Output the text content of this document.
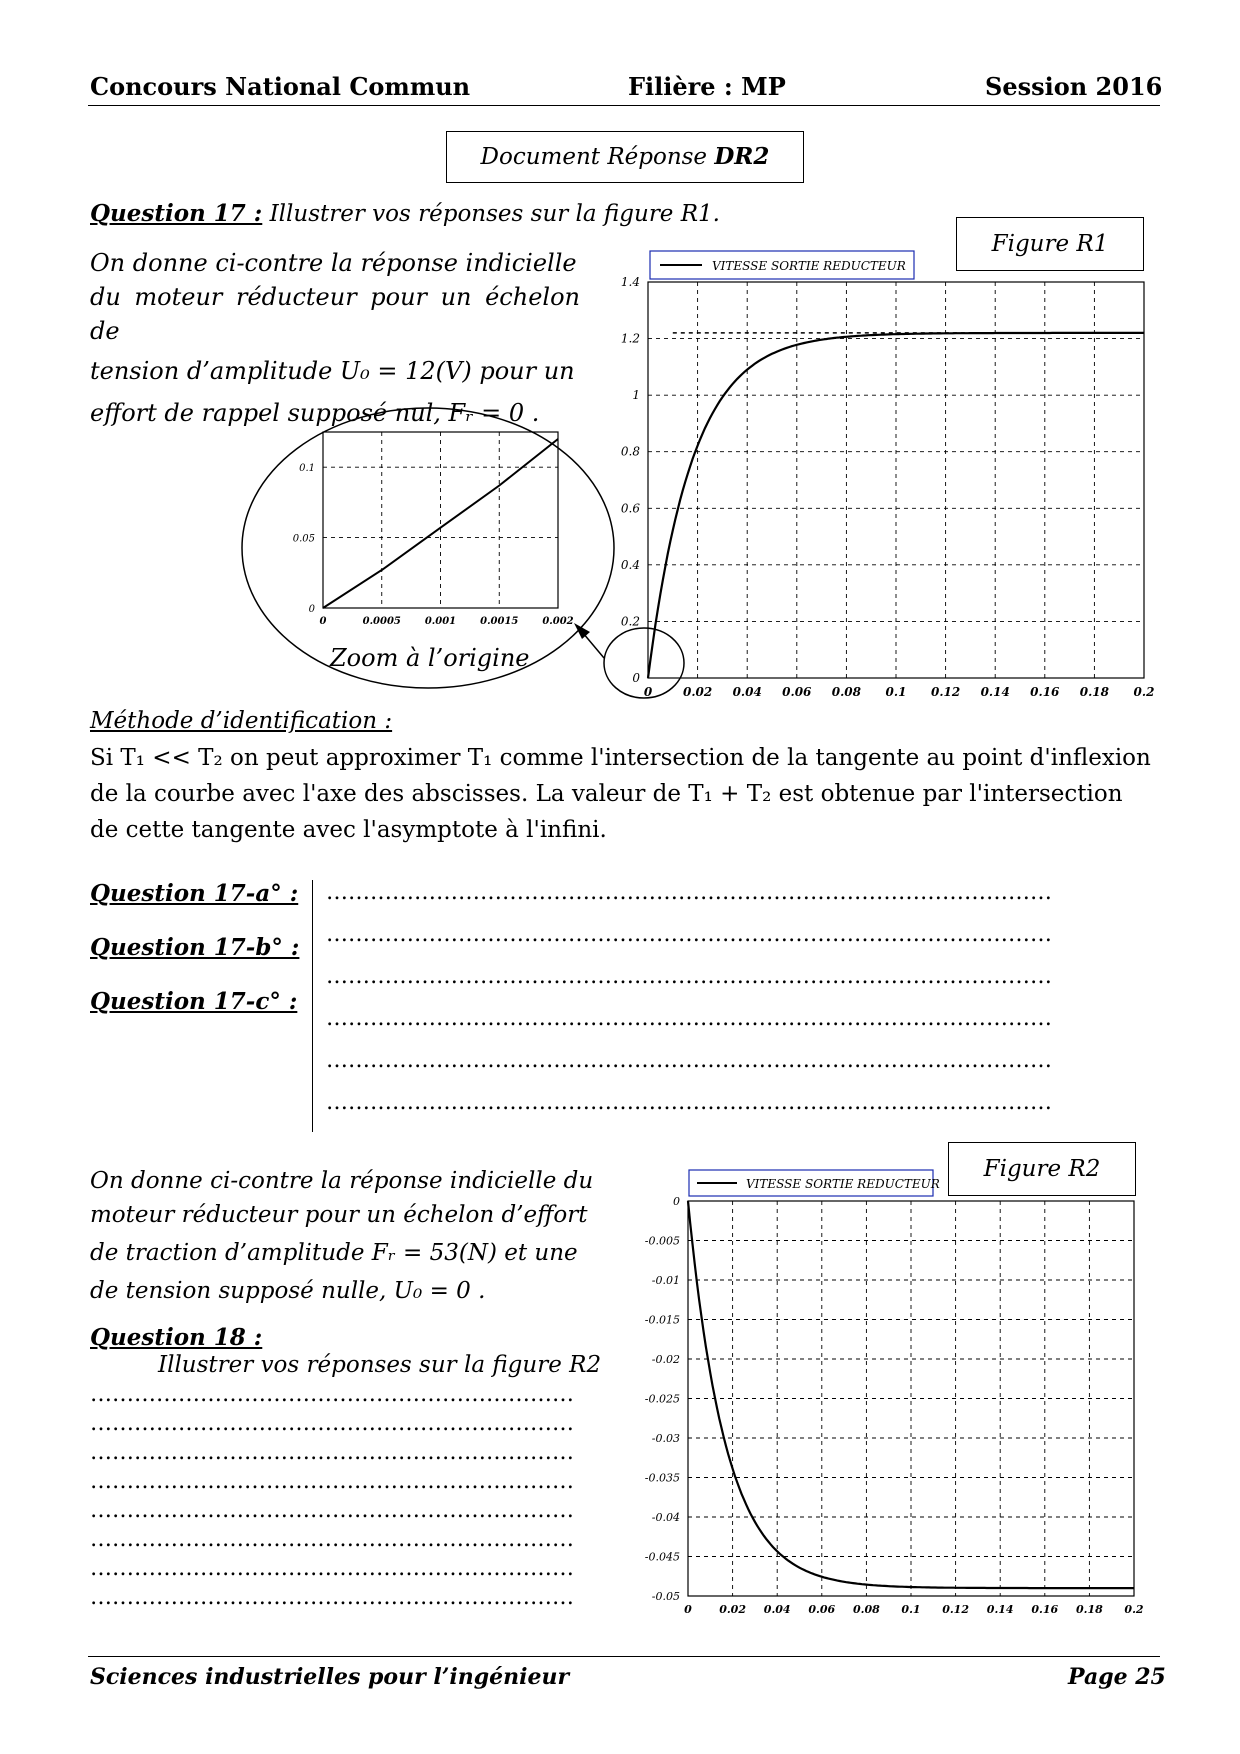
Concours National Commun	Filière : MP	Session 2016
Document Réponse DR2
Question 17 : Illustrer vos réponses sur la figure R1.
On donne ci-contre la réponse indicielle
du moteur réducteur pour un échelon de
tension d’amplitude U₀ = 12(V) pour un
effort de rappel supposé nul, Fᵣ = 0 .
Figure R1
0
0.2
0.4
0.6
0.8
1
1.2
1.4
0	0.02 0.04 0.06 0.08 0.1 0.12 0.14 0.16 0.18 0.2
VITESSE SORTIE REDUCTEUR
0
0.05
0.1
0	0.0005 0.001 0.0015 0.002
Zoom à l’origine
Méthode d’identification :
Si T₁ << T₂ on peut approximer T₁ comme l'intersection de la tangente au point d'inflexion
de la courbe avec l'axe des abscisses. La valeur de T₁ + T₂ est obtenue par l'intersection
de cette tangente avec l'asymptote à l'infini.
Question 17-a° :
Question 17-b° :
Question 17-c° :
………………………………………………………………………………………
………………………………………………………………………………………
………………………………………………………………………………………
………………………………………………………………………………………
………………………………………………………………………………………
………………………………………………………………………………………
On donne ci-contre la réponse indicielle du
moteur réducteur pour un échelon d’effort
de traction d’amplitude Fᵣ = 53(N) et une
de tension supposé nulle, U₀ = 0 .
Question 18 :
Illustrer vos réponses sur la figure R2
…………………………………………………………
…………………………………………………………
…………………………………………………………
…………………………………………………………
…………………………………………………………
…………………………………………………………
…………………………………………………………
…………………………………………………………
Figure R2
0
-0.005
-0.01
-0.015
-0.02
-0.025
-0.03
-0.035
-0.04
-0.045
-0.05
0 0.02 0.04 0.06 0.08 0.1 0.12 0.14 0.16 0.18 0.2
VITESSE SORTIE REDUCTEUR
Sciences industrielles pour l’ingénieur	Page 25
